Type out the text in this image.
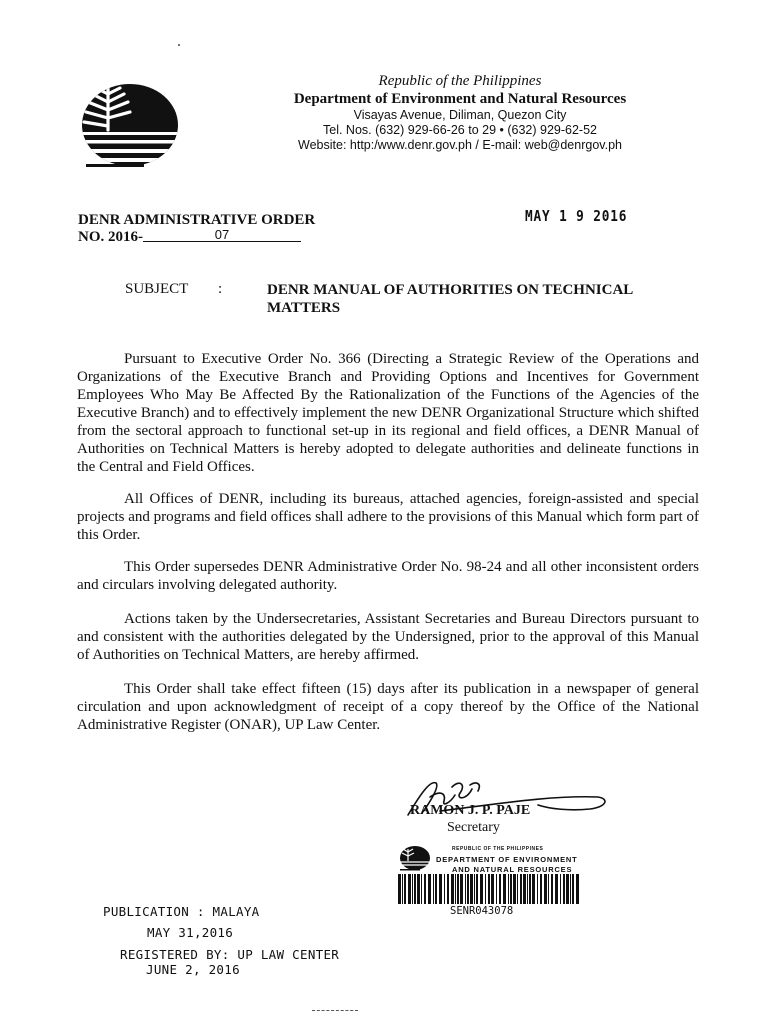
Republic of the Philippines
Department of Environment and Natural Resources
Visayas Avenue, Diliman, Quezon City
Tel. Nos. (632) 929-66-26 to 29 • (632) 929-62-52
Website: http:/www.denr.gov.ph / E-mail: web@denrgov.ph
DENR ADMINISTRATIVE ORDER
NO. 2016-	07
MAY 1 9 2016
SUBJECT :	DENR MANUAL OF AUTHORITIES ON TECHNICAL MATTERS

Pursuant to Executive Order No. 366 (Directing a Strategic Review of the Operations and Organizations of the Executive Branch and Providing Options and Incentives for Government Employees Who May Be Affected By the Rationalization of the Functions of the Agencies of the Executive Branch) and to effectively implement the new DENR Organizational Structure which shifted from the sectoral approach to functional set-up in its regional and field offices, a DENR Manual of Authorities on Technical Matters is hereby adopted to delegate authorities and delineate functions in the Central and Field Offices.

All Offices of DENR, including its bureaus, attached agencies, foreign-assisted and special projects and programs and field offices shall adhere to the provisions of this Manual which form part of this Order.

This Order supersedes DENR Administrative Order No. 98-24 and all other inconsistent orders and circulars involving delegated authority.

Actions taken by the Undersecretaries, Assistant Secretaries and Bureau Directors pursuant to and consistent with the authorities delegated by the Undersigned, prior to the approval of this Manual of Authorities on Technical Matters, are hereby affirmed.

This Order shall take effect fifteen (15) days after its publication in a newspaper of general circulation and upon acknowledgment of receipt of a copy thereof by the Office of the National Administrative Register (ONAR), UP Law Center.

RAMON J. P. PAJE
Secretary
REPUBLIC OF THE PHILIPPINES
DEPARTMENT OF ENVIRONMENT
AND NATURAL RESOURCES
SENR043078
PUBLICATION : MALAYA
MAY 31,2016
REGISTERED BY: UP LAW CENTER
JUNE 2, 2016
